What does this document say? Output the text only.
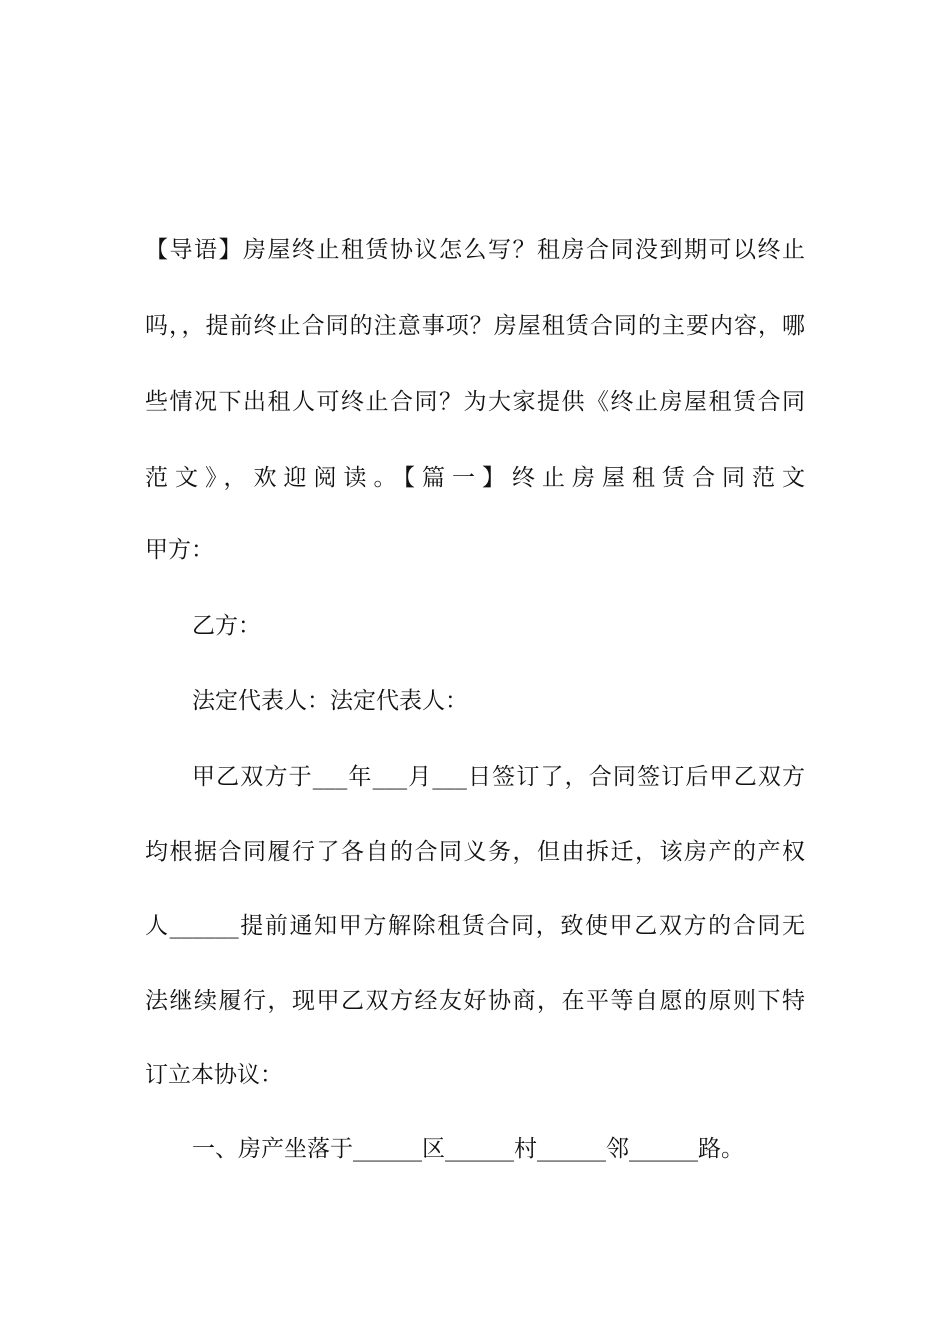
【导语】房屋终止租赁协议怎么写？租房合同没到期可以终止
吗，，提前终止合同的注意事项？房屋租赁合同的主要内容，哪
些情况下出租人可终止合同？为大家提供《终止房屋租赁合同
范文》，欢迎阅读。【篇一】终止房屋租赁合同范文
甲方：
乙方：
法定代表人：法定代表人：
甲乙双方于___年___月___日签订了，合同签订后甲乙双方
均根据合同履行了各自的合同义务，但由拆迁，该房产的产权
人______提前通知甲方解除租赁合同，致使甲乙双方的合同无
法继续履行，现甲乙双方经友好协商，在平等自愿的原则下特
订立本协议：
一、房产坐落于______区______村______邻______路。
